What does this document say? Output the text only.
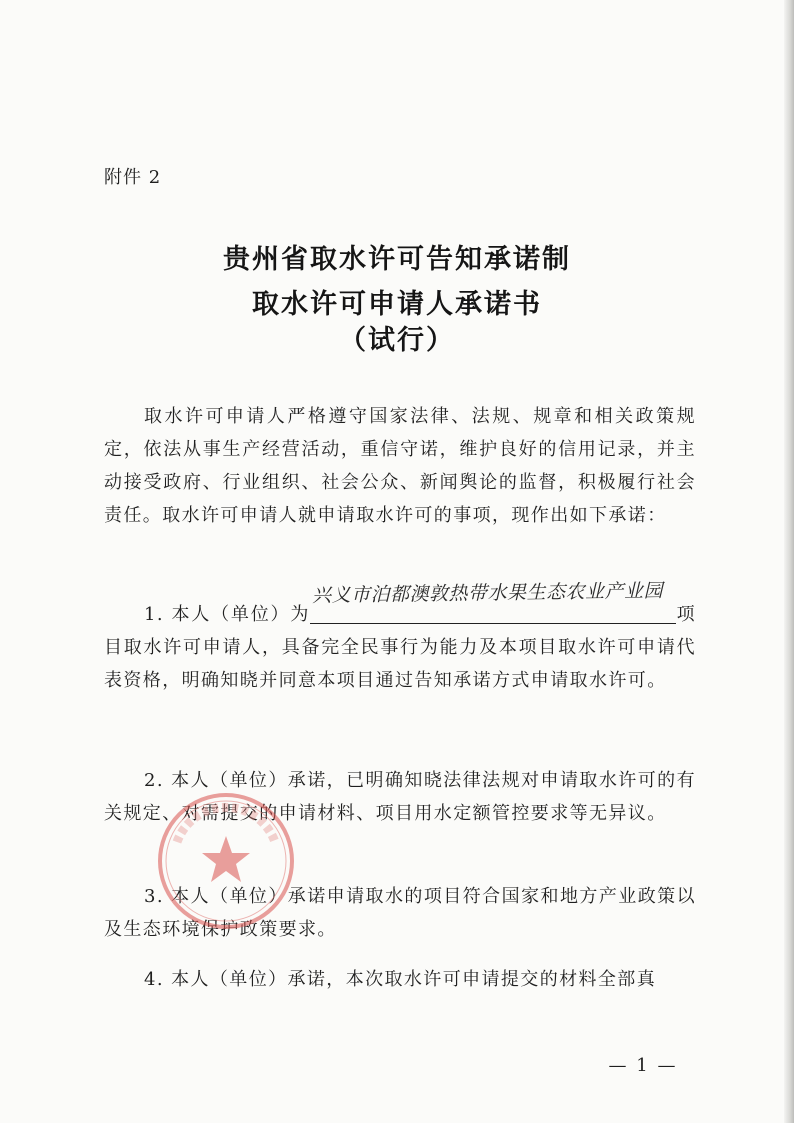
附件 2
贵州省取水许可告知承诺制
取水许可申请人承诺书
（试行）
取水许可申请人严格遵守国家法律、法规、规章和相关政策规定，依法从事生产经营活动，重信守诺，维护良好的信用记录，并主动接受政府、行业组织、社会公众、新闻舆论的监督，积极履行社会责任。取水许可申请人就申请取水许可的事项，现作出如下承诺：
1. 本人（单位）为	项目取水许可申请人，具备完全民事行为能力及本项目取水许可申请代表资格，明确知晓并同意本项目通过告知承诺方式申请取水许可。
兴义市泊都澳敦热带水果生态农业产业园
2. 本人（单位）承诺，已明确知晓法律法规对申请取水许可的有关规定、对需提交的申请材料、项目用水定额管控要求等无异议。
3. 本人（单位）承诺申请取水的项目符合国家和地方产业政策以及生态环境保护政策要求。
4. 本人（单位）承诺，本次取水许可申请提交的材料全部真
— 1 —
